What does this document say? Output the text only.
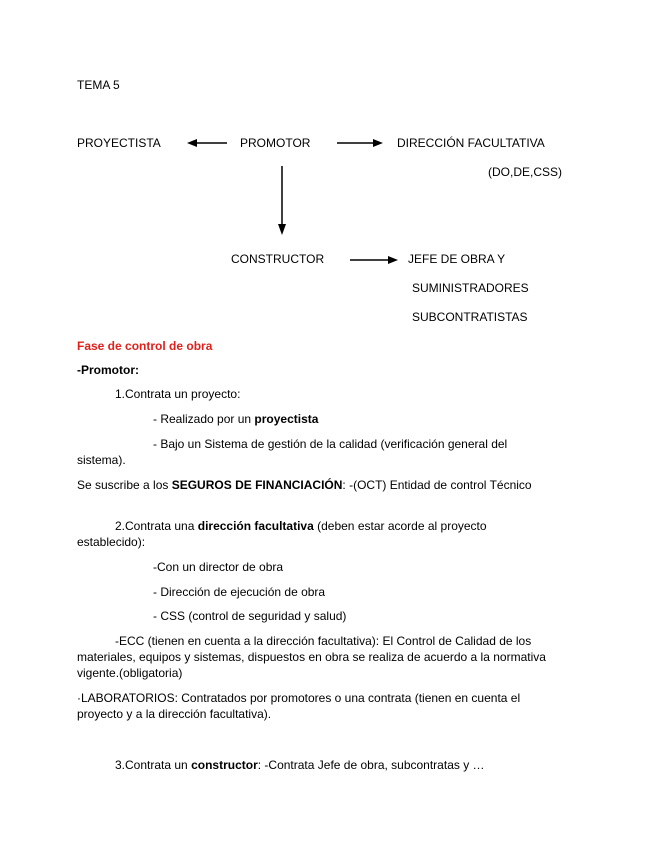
TEMA 5
PROYECTISTA	PROMOTOR	DIRECCIÓN FACULTATIVA
(DO,DE,CSS)
CONSTRUCTOR	JEFE DE OBRA Y
SUMINISTRADORES
SUBCONTRATISTAS
Fase de control de obra
-Promotor:
1.Contrata un proyecto:
- Realizado por un proyectista
- Bajo un Sistema de gestión de la calidad (verificación general del sistema).
Se suscribe a los SEGUROS DE FINANCIACIÓN: -(OCT) Entidad de control Técnico
2.Contrata una dirección facultativa (deben estar acorde al proyecto establecido):
-Con un director de obra
- Dirección de ejecución de obra
- CSS (control de seguridad y salud)
-ECC (tienen en cuenta a la dirección facultativa): El Control de Calidad de los materiales, equipos y sistemas, dispuestos en obra se realiza de acuerdo a la normativa vigente.(obligatoria)
·LABORATORIOS: Contratados por promotores o una contrata (tienen en cuenta el proyecto y a la dirección facultativa).
3.Contrata un constructor: -Contrata Jefe de obra, subcontratas y …
